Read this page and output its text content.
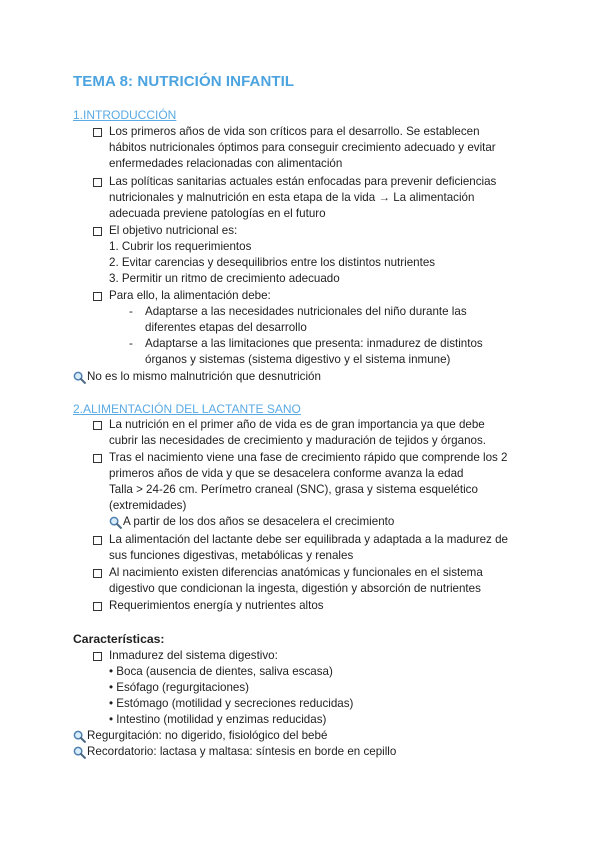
TEMA 8: NUTRICIÓN INFANTIL
1.INTRODUCCIÓN
Los primeros años de vida son críticos para el desarrollo. Se establecen
hábitos nutricionales óptimos para conseguir crecimiento adecuado y evitar
enfermedades relacionadas con alimentación
Las políticas sanitarias actuales están enfocadas para prevenir deficiencias
nutricionales y malnutrición en esta etapa de la vida → La alimentación
adecuada previene patologías en el futuro
El objetivo nutricional es:
1. Cubrir los requerimientos
2. Evitar carencias y desequilibrios entre los distintos nutrientes
3. Permitir un ritmo de crecimiento adecuado
Para ello, la alimentación debe:
- Adaptarse a las necesidades nutricionales del niño durante las
diferentes etapas del desarrollo
- Adaptarse a las limitaciones que presenta: inmadurez de distintos
órganos y sistemas (sistema digestivo y el sistema inmune)
No es lo mismo malnutrición que desnutrición
2.ALIMENTACIÓN DEL LACTANTE SANO
La nutrición en el primer año de vida es de gran importancia ya que debe
cubrir las necesidades de crecimiento y maduración de tejidos y órganos.
Tras el nacimiento viene una fase de crecimiento rápido que comprende los 2
primeros años de vida y que se desacelera conforme avanza la edad
Talla > 24-26 cm. Perímetro craneal (SNC), grasa y sistema esquelético
(extremidades)
A partir de los dos años se desacelera el crecimiento
La alimentación del lactante debe ser equilibrada y adaptada a la madurez de
sus funciones digestivas, metabólicas y renales
Al nacimiento existen diferencias anatómicas y funcionales en el sistema
digestivo que condicionan la ingesta, digestión y absorción de nutrientes
Requerimientos energía y nutrientes altos
Características:
Inmadurez del sistema digestivo:
• Boca (ausencia de dientes, saliva escasa)
• Esófago (regurgitaciones)
• Estómago (motilidad y secreciones reducidas)
• Intestino (motilidad y enzimas reducidas)
Regurgitación: no digerido, fisiológico del bebé
Recordatorio: lactasa y maltasa: síntesis en borde en cepillo
